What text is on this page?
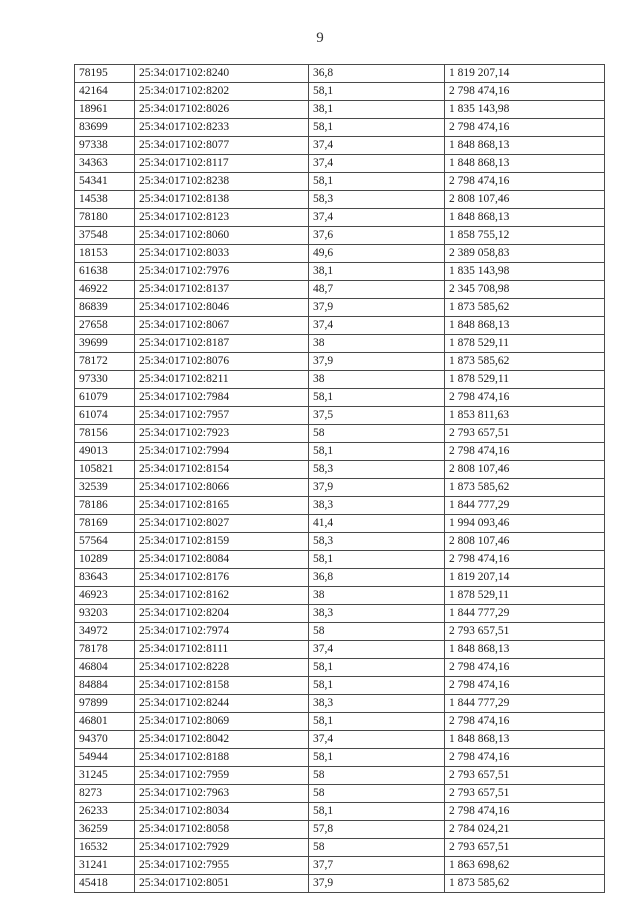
9
78195	25:34:017102:8240	36,8	1 819 207,14
42164	25:34:017102:8202	58,1	2 798 474,16
18961	25:34:017102:8026	38,1	1 835 143,98
83699	25:34:017102:8233	58,1	2 798 474,16
97338	25:34:017102:8077	37,4	1 848 868,13
34363	25:34:017102:8117	37,4	1 848 868,13
54341	25:34:017102:8238	58,1	2 798 474,16
14538	25:34:017102:8138	58,3	2 808 107,46
78180	25:34:017102:8123	37,4	1 848 868,13
37548	25:34:017102:8060	37,6	1 858 755,12
18153	25:34:017102:8033	49,6	2 389 058,83
61638	25:34:017102:7976	38,1	1 835 143,98
46922	25:34:017102:8137	48,7	2 345 708,98
86839	25:34:017102:8046	37,9	1 873 585,62
27658	25:34:017102:8067	37,4	1 848 868,13
39699	25:34:017102:8187	38	1 878 529,11
78172	25:34:017102:8076	37,9	1 873 585,62
97330	25:34:017102:8211	38	1 878 529,11
61079	25:34:017102:7984	58,1	2 798 474,16
61074	25:34:017102:7957	37,5	1 853 811,63
78156	25:34:017102:7923	58	2 793 657,51
49013	25:34:017102:7994	58,1	2 798 474,16
105821	25:34:017102:8154	58,3	2 808 107,46
32539	25:34:017102:8066	37,9	1 873 585,62
78186	25:34:017102:8165	38,3	1 844 777,29
78169	25:34:017102:8027	41,4	1 994 093,46
57564	25:34:017102:8159	58,3	2 808 107,46
10289	25:34:017102:8084	58,1	2 798 474,16
83643	25:34:017102:8176	36,8	1 819 207,14
46923	25:34:017102:8162	38	1 878 529,11
93203	25:34:017102:8204	38,3	1 844 777,29
34972	25:34:017102:7974	58	2 793 657,51
78178	25:34:017102:8111	37,4	1 848 868,13
46804	25:34:017102:8228	58,1	2 798 474,16
84884	25:34:017102:8158	58,1	2 798 474,16
97899	25:34:017102:8244	38,3	1 844 777,29
46801	25:34:017102:8069	58,1	2 798 474,16
94370	25:34:017102:8042	37,4	1 848 868,13
54944	25:34:017102:8188	58,1	2 798 474,16
31245	25:34:017102:7959	58	2 793 657,51
8273	25:34:017102:7963	58	2 793 657,51
26233	25:34:017102:8034	58,1	2 798 474,16
36259	25:34:017102:8058	57,8	2 784 024,21
16532	25:34:017102:7929	58	2 793 657,51
31241	25:34:017102:7955	37,7	1 863 698,62
45418	25:34:017102:8051	37,9	1 873 585,62
